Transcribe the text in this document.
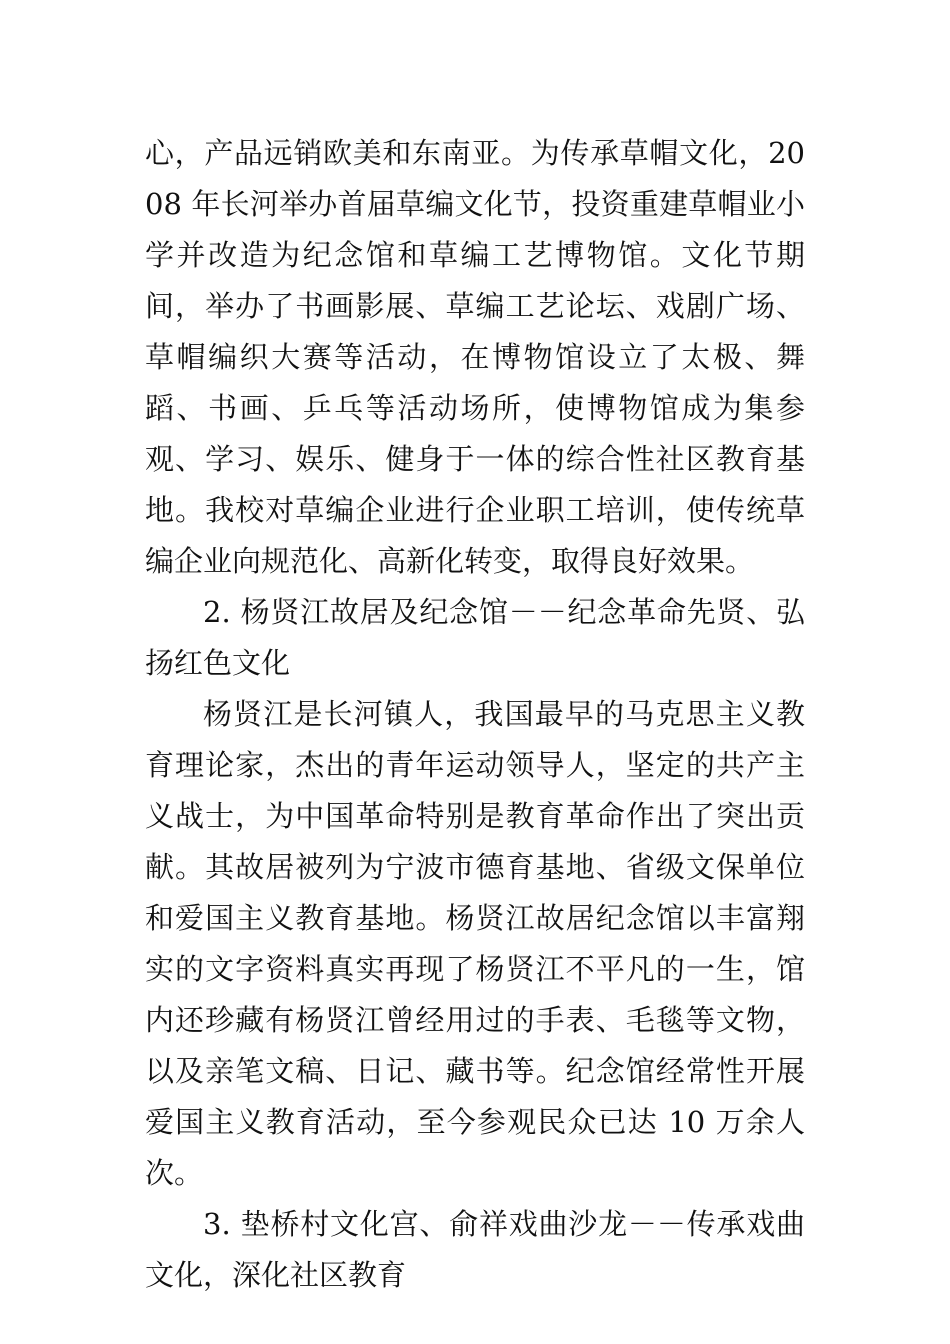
心，产品远销欧美和东南亚。为传承草帽文化，2008 年长河举办首届草编文化节，投资重建草帽业小学并改造为纪念馆和草编工艺博物馆。文化节期间，举办了书画影展、草编工艺论坛、戏剧广场、草帽编织大赛等活动，在博物馆设立了太极、舞蹈、书画、乒乓等活动场所，使博物馆成为集参观、学习、娱乐、健身于一体的综合性社区教育基地。我校对草编企业进行企业职工培训，使传统草编企业向规范化、高新化转变，取得良好效果。

2. 杨贤江故居及纪念馆－－纪念革命先贤、弘扬红色文化

杨贤江是长河镇人，我国最早的马克思主义教育理论家，杰出的青年运动领导人，坚定的共产主义战士，为中国革命特别是教育革命作出了突出贡献。其故居被列为宁波市德育基地、省级文保单位和爱国主义教育基地。杨贤江故居纪念馆以丰富翔实的文字资料真实再现了杨贤江不平凡的一生，馆内还珍藏有杨贤江曾经用过的手表、毛毯等文物，以及亲笔文稿、日记、藏书等。纪念馆经常性开展爱国主义教育活动，至今参观民众已达 10 万余人次。

3. 垫桥村文化宫、俞祥戏曲沙龙－－传承戏曲文化，深化社区教育
